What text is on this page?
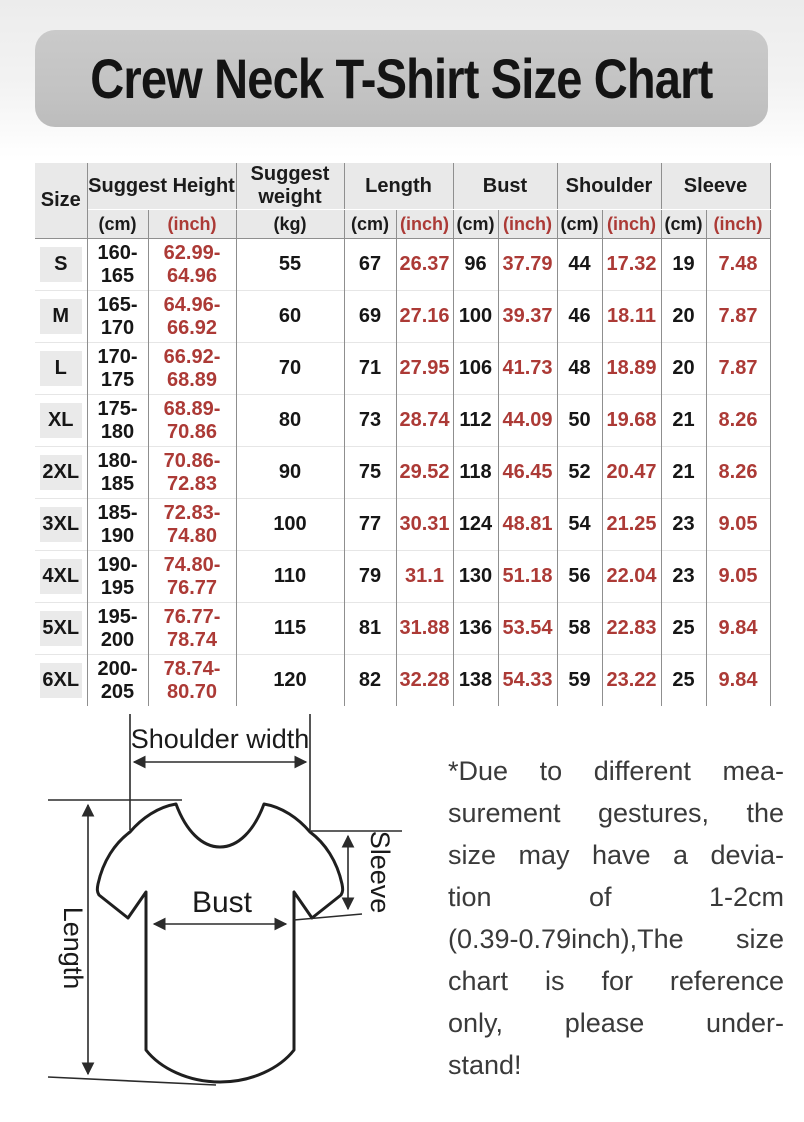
Crew Neck T-Shirt Size Chart
Size	Suggest Height		Suggest weight	Length		Bust		Shoulder		Sleeve	
	(cm)	(inch)	(kg)	(cm)	(inch)	(cm)	(inch)	(cm)	(inch)	(cm)	(inch)

S	160-165	62.99-64.96	55	67	26.37	96	37.79	44	17.32	19	7.48

M	165-170	64.96-66.92	60	69	27.16	100	39.37	46	18.11	20	7.87

L	170-175	66.92-68.89	70	71	27.95	106	41.73	48	18.89	20	7.87

XL	175-180	68.89-70.86	80	73	28.74	112	44.09	50	19.68	21	8.26

2XL	180-185	70.86-72.83	90	75	29.52	118	46.45	52	20.47	21	8.26

3XL	185-190	72.83-74.80	100	77	30.31	124	48.81	54	21.25	23	9.05

4XL	190-195	74.80-76.77	110	79	31.1	130	51.18	56	22.04	23	9.05

5XL	195-200	76.77-78.74	115	81	31.88	136	53.54	58	22.83	25	9.84

6XL	200-205	78.74-80.70	120	82	32.28	138	54.33	59	23.22	25	9.84
Shoulder width
Length
Sleeve
Bust
*Due to different mea-
surement gestures, the
size may have a devia-
tion of 1-2cm
(0.39-0.79inch),The size
chart is for reference
only, please under-
stand!
